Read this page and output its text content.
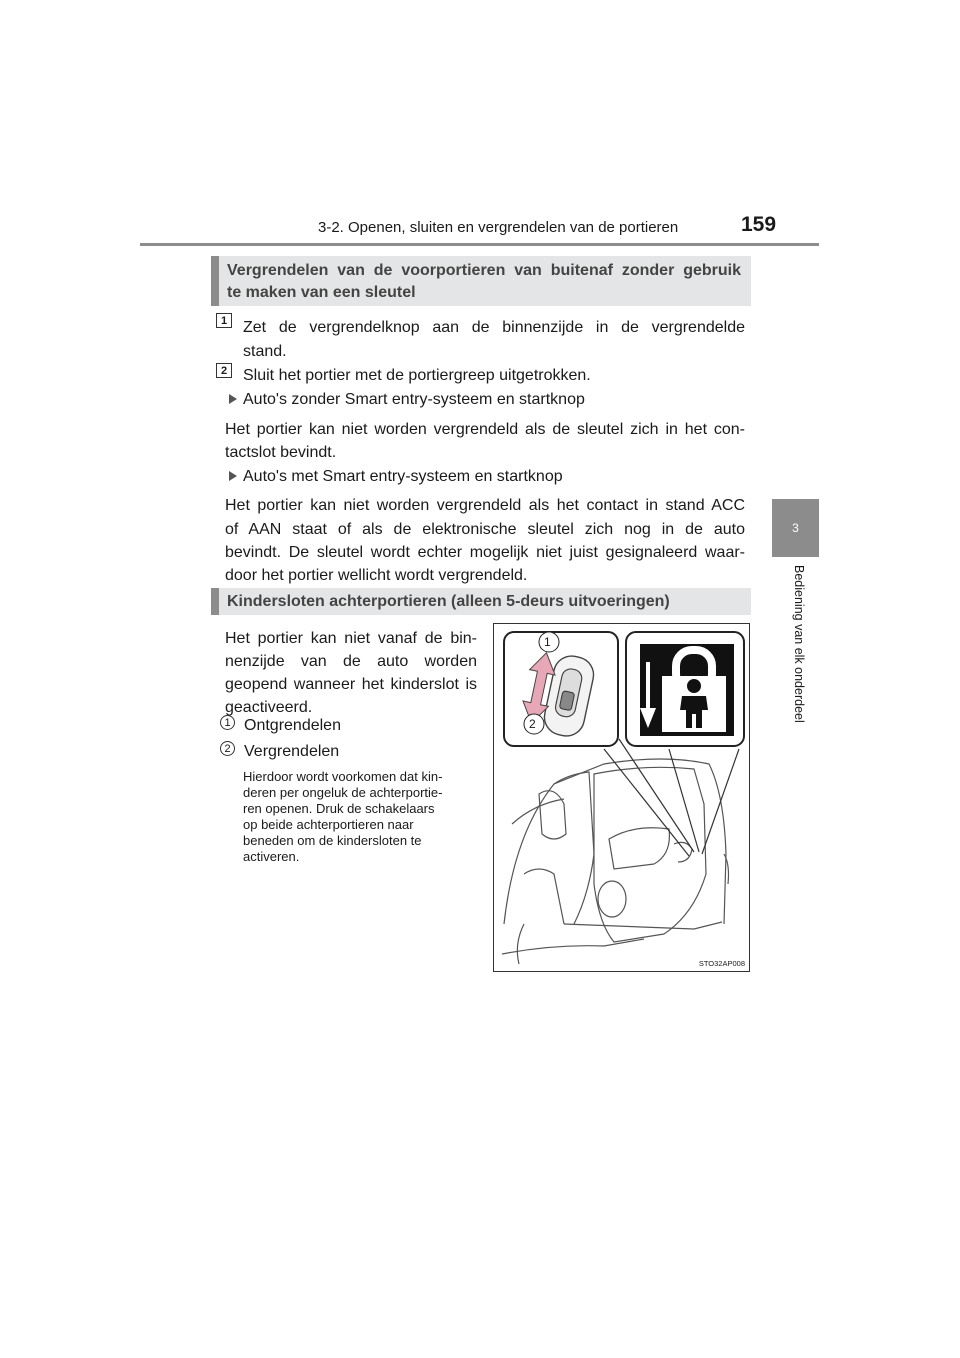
3-2. Openen, sluiten en vergrendelen van de portieren	159
3
Bediening van elk onderdeel
Vergrendelen van de voorportieren van buitenaf zonder gebruik
te maken van een sleutel
1 Zet de vergrendelknop aan de binnenzijde in de vergrendelde
stand.
2 Sluit het portier met de portiergreep uitgetrokken.
Auto's zonder Smart entry-systeem en startknop
Het portier kan niet worden vergrendeld als de sleutel zich in het con-
tactslot bevindt.
Auto's met Smart entry-systeem en startknop
Het portier kan niet worden vergrendeld als het contact in stand ACC
of AAN staat of als de elektronische sleutel zich nog in de auto
bevindt. De sleutel wordt echter mogelijk niet juist gesignaleerd waar-
door het portier wellicht wordt vergrendeld.
Kindersloten achterportieren (alleen 5-deurs uitvoeringen)
Het portier kan niet vanaf de bin-
nenzijde van de auto worden
geopend wanneer het kinderslot is
geactiveerd.
1 Ontgrendelen
2 Vergrendelen
Hierdoor wordt voorkomen dat kin-
deren per ongeluk de achterportie-
ren openen. Druk de schakelaars
op beide achterportieren naar
beneden om de kindersloten te
activeren.
1
2
STO32AP008
